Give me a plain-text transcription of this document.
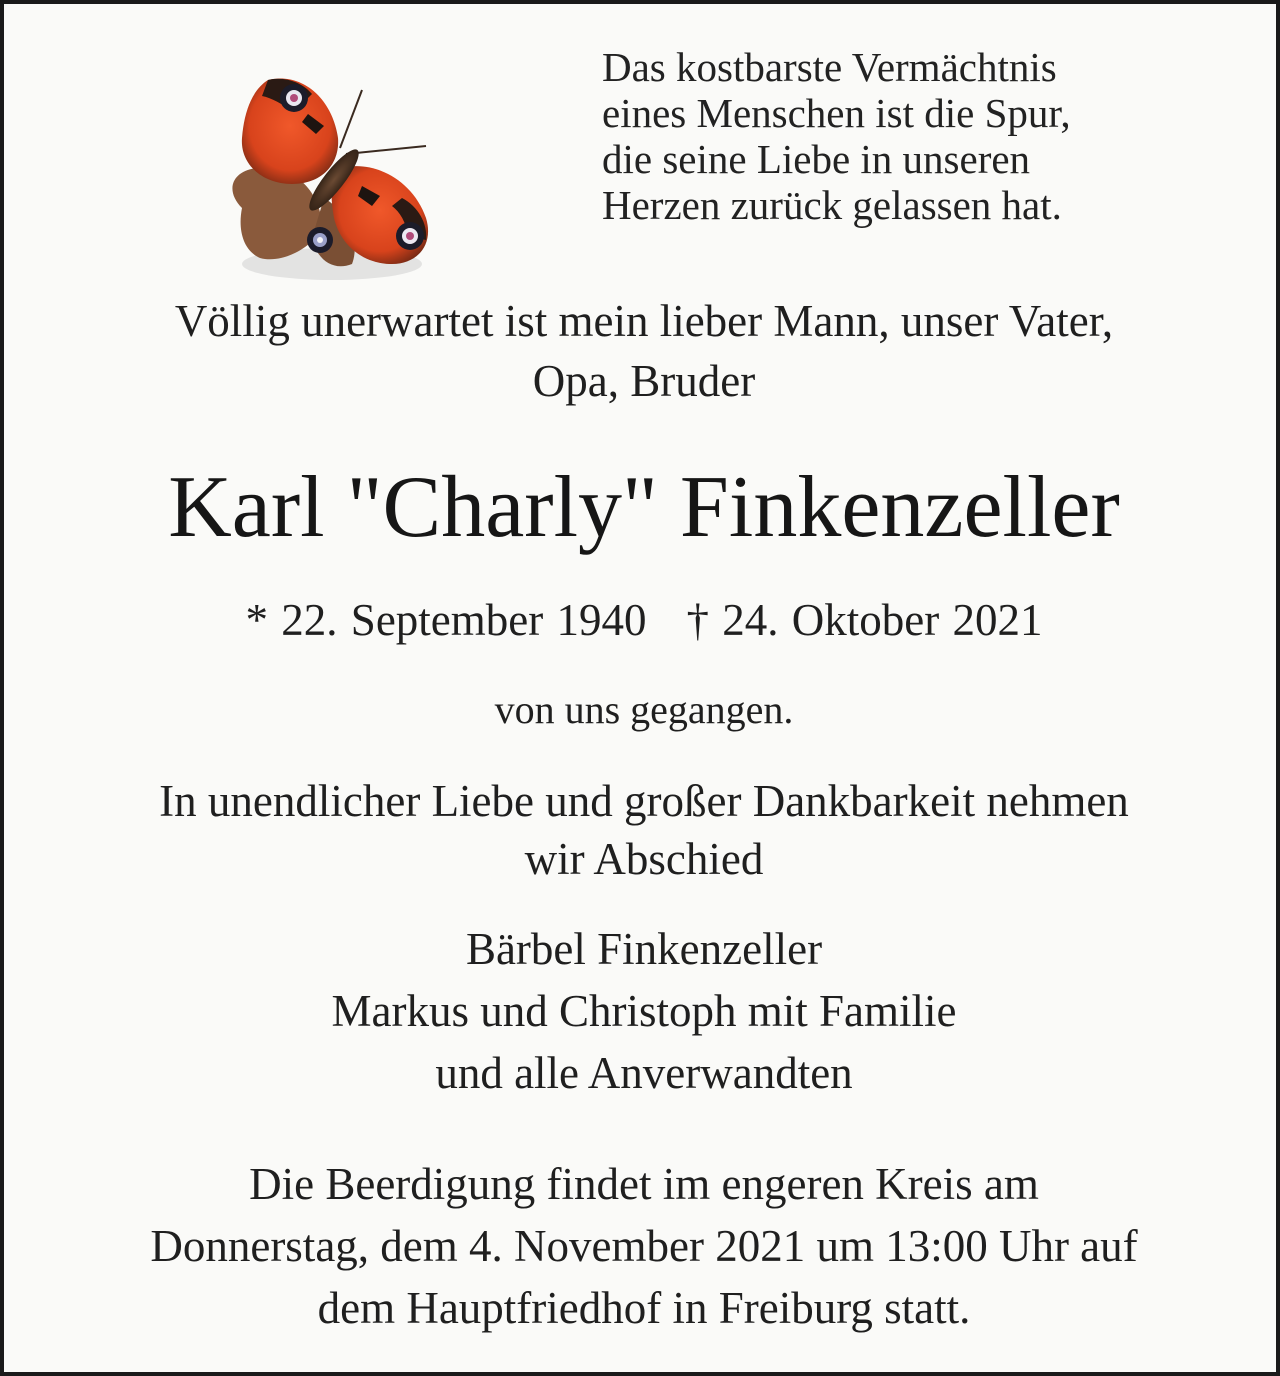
Das kostbarste Vermächtnis
eines Menschen ist die Spur,
die seine Liebe in unseren
Herzen zurück gelassen hat.
Völlig unerwartet ist mein lieber Mann, unser Vater,
Opa, Bruder
Karl "Charly" Finkenzeller
* 22. September 1940 † 24. Oktober 2021
von uns gegangen.
In unendlicher Liebe und großer Dankbarkeit nehmen
wir Abschied
Bärbel Finkenzeller
Markus und Christoph mit Familie
und alle Anverwandten
Die Beerdigung findet im engeren Kreis am
Donnerstag, dem 4. November 2021 um 13:00 Uhr auf
dem Hauptfriedhof in Freiburg statt.
